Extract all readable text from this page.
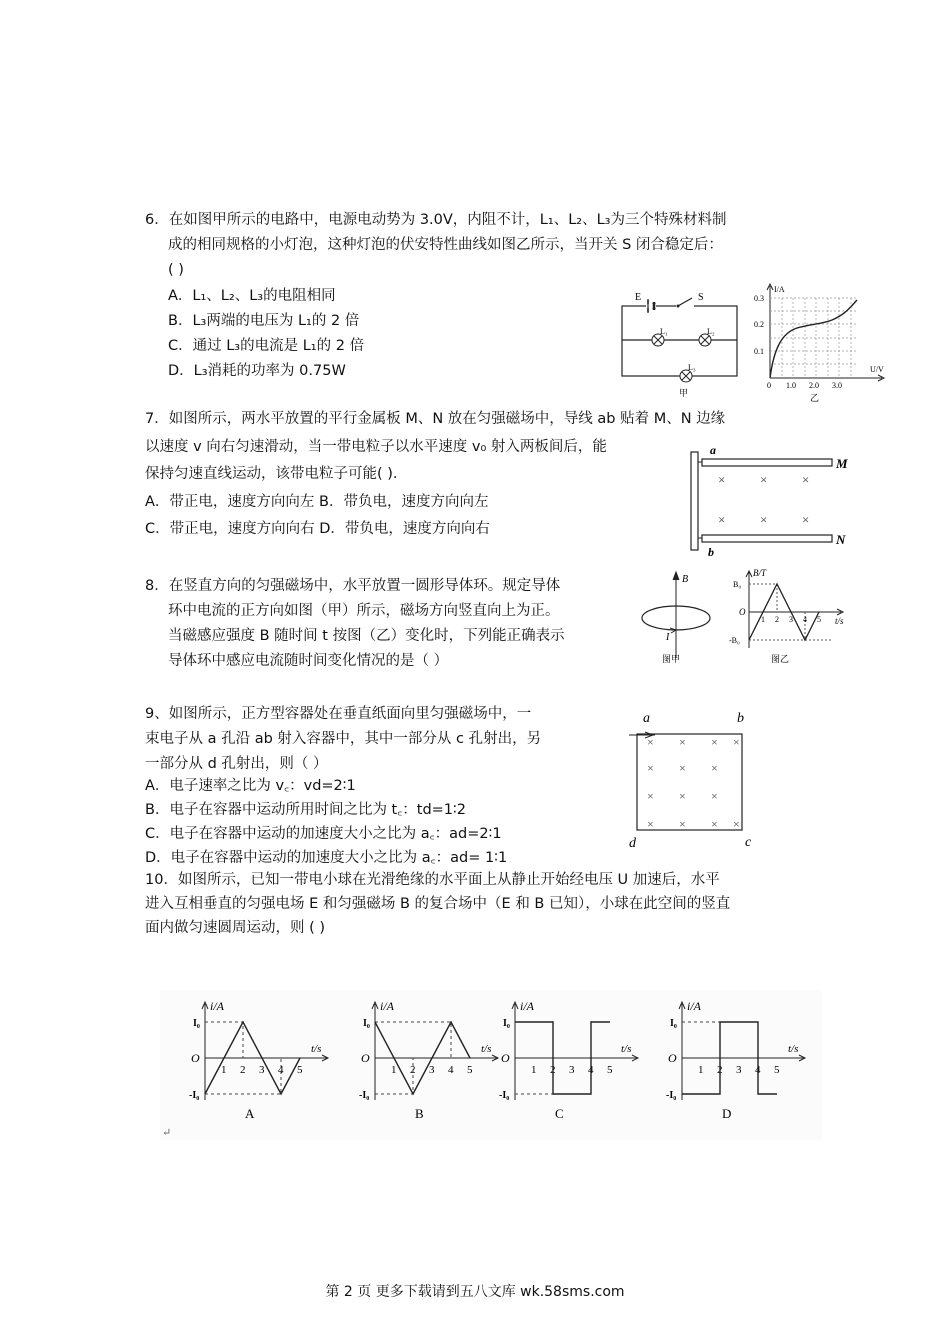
6．在如图甲所示的电路中，电源电动势为 3.0V，内阻不计，L₁、L₂、L₃为三个特殊材料制
成的相同规格的小灯泡，这种灯泡的伏安特性曲线如图乙所示，当开关 S 闭合稳定后：
( )
A．L₁、L₂、L₃的电阻相同
B．L₃两端的电压为 L₁的 2 倍
C．通过 L₃的电流是 L₁的 2 倍
D．L₃消耗的功率为 0.75W
E	S
L₁	L₂
L₃
甲
I/A
U/V
0.3
0.2
0.1
0 1.0 2.0 3.0
乙
7．如图所示，两水平放置的平行金属板 M、N 放在匀强磁场中，导线 ab 贴着 M、N 边缘
以速度 v 向右匀速滑动，当一带电粒子以水平速度 v₀ 射入两板间后，能
保持匀速直线运动，该带电粒子可能( ).
A．带正电，速度方向向左 B．带负电，速度方向向左
C．带正电，速度方向向右 D．带负电，速度方向向右
a
b
M
N
×	×	×
×	×	×
8．在竖直方向的匀强磁场中，水平放置一圆形导体环。规定导体
环中电流的正方向如图（甲）所示，磁场方向竖直向上为正。
当磁感应强度 B 随时间 t 按图（乙）变化时，下列能正确表示
导体环中感应电流随时间变化情况的是（ ）
B
I
图甲
B/T
t/s
O
B₀
-B₀
1 2 3 4 5
图乙
9、如图所示，正方型容器处在垂直纸面向里匀强磁场中，一
束电子从 a 孔沿 ab 射入容器中，其中一部分从 c 孔射出，另
一部分从 d 孔射出，则（ ）
A．电子速率之比为 v꜀：vd=2∶1
B．电子在容器中运动所用时间之比为 t꜀：td=1∶2
C．电子在容器中运动的加速度大小之比为 a꜀：ad=2∶1
D．电子在容器中运动的加速度大小之比为 a꜀：ad= 1∶1
a	b
d	c
× × × ×
× × ×
× × ×
× × × ×
10．如图所示，已知一带电小球在光滑绝缘的水平面上从静止开始经电压 U 加速后，水平
进入互相垂直的匀强电场 E 和匀强磁场 B 的复合场中（E 和 B 已知），小球在此空间的竖直
面内做匀速圆周运动，则 ( )
i/A
t/s
O
I₀
-I₀
1 2 3 4 5
A
i/A
t/s
O
I₀
-I₀
1 2 3 4 5
B
i/A
t/s
O
I₀
-I₀
1 2 3 4 5
C
i/A
t/s
O
I₀
-I₀
1 2 3 4 5
D
↵
第 2 页 更多下载请到五八文库 wk.58sms.com
